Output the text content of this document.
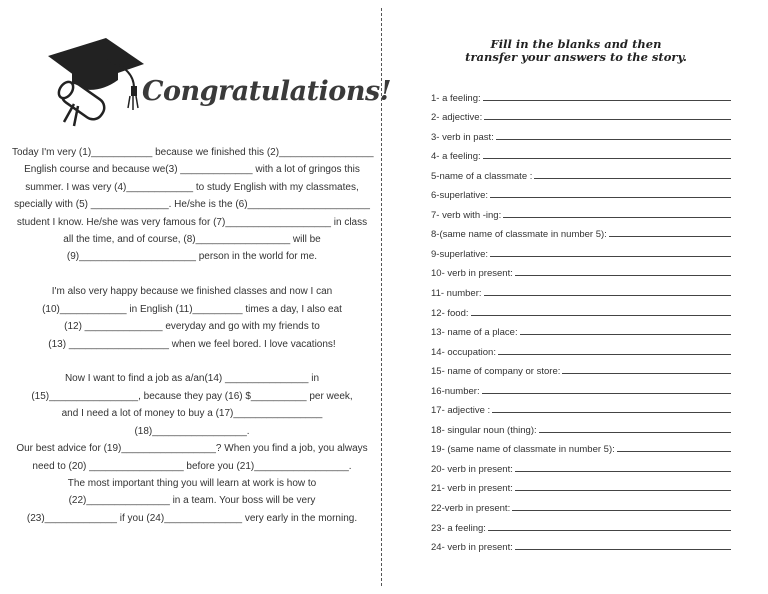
Congratulations!
Today I'm very (1)___________ because we finished this (2)_________________
English course and because we(3) _____________ with a lot of gringos this
summer. I was very (4)____________ to study English with my classmates,
specially with (5) ______________. He/she is the (6)______________________
student I know. He/she was very famous for (7)___________________ in class
all the time, and of course, (8)_________________ will be
(9)_____________________ person in the world for me.
I'm also very happy because we finished classes and now I can
(10)____________ in English (11)_________ times a day, I also eat
(12) ______________ everyday and go with my friends to
(13) __________________ when we feel bored. I love vacations!
Now I want to find a job as a/an(14) _______________ in
(15)________________, because they pay (16) $__________ per week,
and I need a lot of money to buy a (17)________________
(18)_________________.
Our best advice for (19)_________________? When you find a job, you always
need to (20) _________________ before you (21)_________________.
The most important thing you will learn at work is how to
(22)_______________ in a team. Your boss will be very
(23)_____________ if you (24)______________ very early in the morning.
Fill in the blanks and then
transfer your answers to the story.
1- a feeling:
2- adjective:
3- verb in past:
4- a feeling:
5-name of a classmate :
6-superlative:
7- verb with -ing:
8-(same name of classmate in number 5):
9-superlative:
10- verb in present:
11- number:
12- food:
13- name of a place:
14- occupation:
15- name of company or store:
16-number:
17- adjective :
18- singular noun (thing):
19- (same name of classmate in number 5):
20- verb in present:
21- verb in present:
22-verb in present:
23- a feeling:
24- verb in present:
